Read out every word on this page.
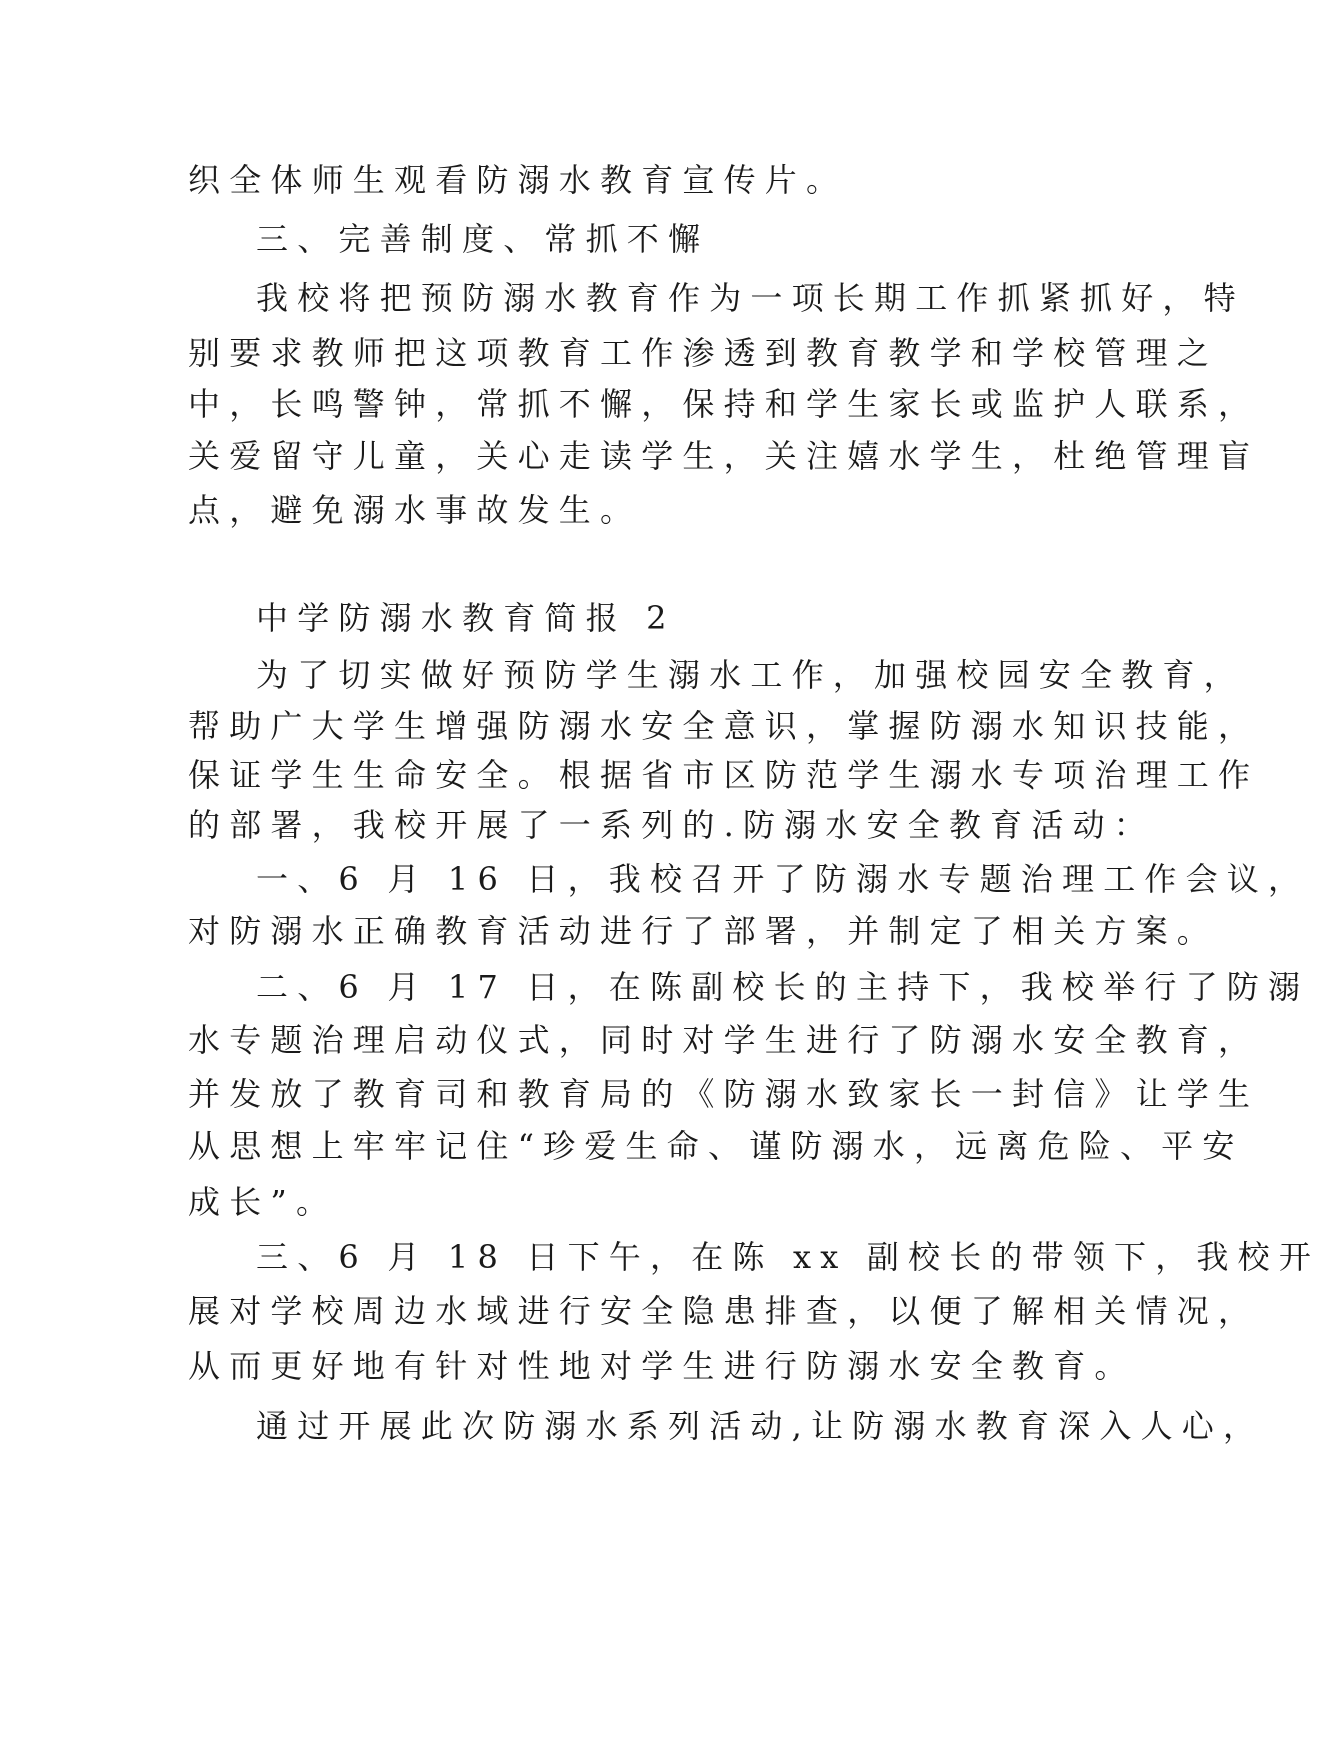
织全体师生观看防溺水教育宣传片。

三、完善制度、常抓不懈

我校将把预防溺水教育作为一项长期工作抓紧抓好，特

别要求教师把这项教育工作渗透到教育教学和学校管理之

中，长鸣警钟，常抓不懈，保持和学生家长或监护人联系，

关爱留守儿童，关心走读学生，关注嬉水学生，杜绝管理盲

点，避免溺水事故发生。

中学防溺水教育简报 2

为了切实做好预防学生溺水工作，加强校园安全教育，

帮助广大学生增强防溺水安全意识，掌握防溺水知识技能，

保证学生生命安全。根据省市区防范学生溺水专项治理工作

的部署，我校开展了一系列的.防溺水安全教育活动：

一、6 月 16 日，我校召开了防溺水专题治理工作会议，

对防溺水正确教育活动进行了部署，并制定了相关方案。

二、6 月 17 日，在陈副校长的主持下，我校举行了防溺

水专题治理启动仪式，同时对学生进行了防溺水安全教育，

并发放了教育司和教育局的《防溺水致家长一封信》让学生

从思想上牢牢记住“珍爱生命、谨防溺水，远离危险、平安

成长”。

三、6 月 18 日下午，在陈 xx 副校长的带领下，我校开

展对学校周边水域进行安全隐患排查，以便了解相关情况，

从而更好地有针对性地对学生进行防溺水安全教育。

通过开展此次防溺水系列活动,让防溺水教育深入人心，
